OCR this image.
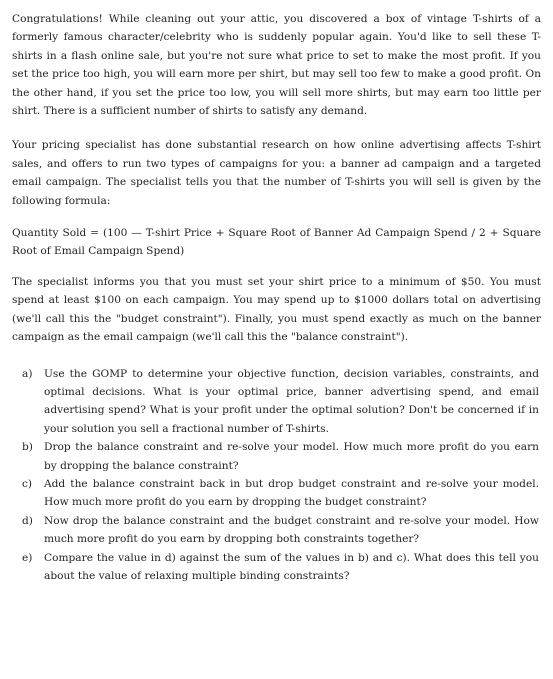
Congratulations! While cleaning out your attic, you discovered a box of vintage T-shirts of a formerly famous character/celebrity who is suddenly popular again. You'd like to sell these T-shirts in a flash online sale, but you're not sure what price to set to make the most profit. If you set the price too high, you will earn more per shirt, but may sell too few to make a good profit. On the other hand, if you set the price too low, you will sell more shirts, but may earn too little per shirt. There is a sufficient number of shirts to satisfy any demand.

Your pricing specialist has done substantial research on how online advertising affects T-shirt sales, and offers to run two types of campaigns for you: a banner ad campaign and a targeted email campaign. The specialist tells you that the number of T-shirts you will sell is given by the following formula:

Quantity Sold = (100 — T-shirt Price + Square Root of Banner Ad Campaign Spend / 2 + Square Root of Email Campaign Spend)

The specialist informs you that you must set your shirt price to a minimum of $50. You must spend at least $100 on each campaign. You may spend up to $1000 dollars total on advertising (we'll call this the "budget constraint"). Finally, you must spend exactly as much on the banner campaign as the email campaign (we'll call this the "balance constraint").

a)	Use the GOMP to determine your objective function, decision variables, constraints, and optimal decisions. What is your optimal price, banner advertising spend, and email advertising spend? What is your profit under the optimal solution? Don't be concerned if in your solution you sell a fractional number of T-shirts.
b)	Drop the balance constraint and re-solve your model. How much more profit do you earn by dropping the balance constraint?
c)	Add the balance constraint back in but drop budget constraint and re-solve your model. How much more profit do you earn by dropping the budget constraint?
d)	Now drop the balance constraint and the budget constraint and re-solve your model. How much more profit do you earn by dropping both constraints together?
e)	Compare the value in d) against the sum of the values in b) and c). What does this tell you about the value of relaxing multiple binding constraints?
